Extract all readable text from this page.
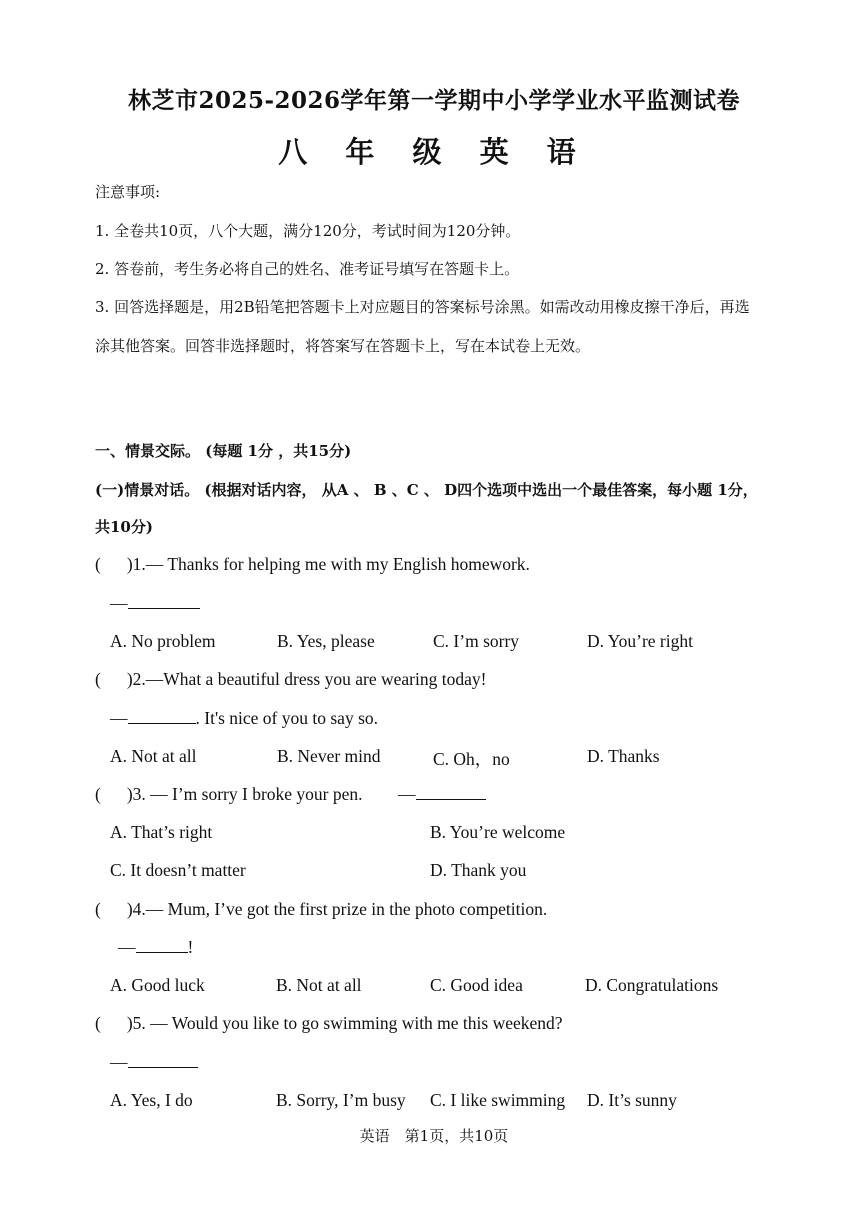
林芝市2025-2026学年第一学期中小学学业水平监测试卷
八 年 级 英 语
注意事项:
1. 全卷共10页，八个大题，满分120分，考试时间为120分钟。
2. 答卷前，考生务必将自己的姓名、准考证号填写在答题卡上。
3. 回答选择题是，用2B铅笔把答题卡上对应题目的答案标号涂黑。如需改动用橡皮擦干净后，再选
涂其他答案。回答非选择题时，将答案写在答题卡上，写在本试卷上无效。
一、情景交际。 (每题 1分 ，共15分)
(一)情景对话。 (根据对话内容， 从A 、 B 、C 、 D四个选项中选出一个最佳答案，每小题 1分，
共10分)
( )1.— Thanks for helping me with my English homework.
—
A. No problem	B. Yes, please	C. I’m sorry	D. You’re right
( )2.—What a beautiful dress you are wearing today!
—	. It's nice of you to say so.
A. Not at all	B. Never mind	C. Oh，no	D. Thanks
( )3. — I’m sorry I broke your pen. —
A. That’s right	B. You’re welcome
C. It doesn’t matter	D. Thank you
( )4.— Mum, I’ve got the first prize in the photo competition.
—	!
A. Good luck	B. Not at all	C. Good idea	D. Congratulations
( )5. — Would you like to go swimming with me this weekend?
—
A. Yes, I do	B. Sorry, I’m busy C. I like swimming D. It’s sunny
英语　第1页，共10页
